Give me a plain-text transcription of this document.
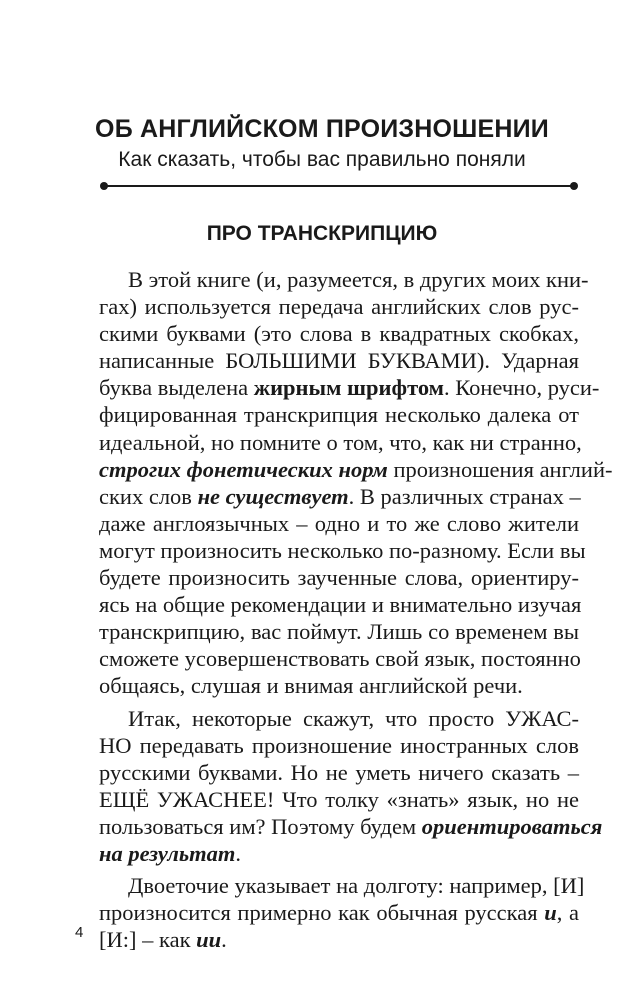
ОБ АНГЛИЙСКОМ ПРОИЗНОШЕНИИ

Как сказать, чтобы вас правильно поняли

ПРО ТРАНСКРИПЦИЮ
В этой книге (и, разумеется, в других моих кни-
гах) используется передача английских слов рус-
скими буквами (это слова в квадратных скобках,
написанные БОЛЬШИМИ БУКВАМИ). Ударная
буква выделена жирным шрифтом. Конечно, руси-
фицированная транскрипция несколько далека от
идеальной, но помните о том, что, как ни странно,
строгих фонетических норм произношения англий-
ских слов не существует. В различных странах –
даже англоязычных – одно и то же слово жители
могут произносить несколько по-разному. Если вы
будете произносить заученные слова, ориентиру-
ясь на общие рекомендации и внимательно изучая
транскрипцию, вас поймут. Лишь со временем вы
сможете усовершенствовать свой язык, постоянно
общаясь, слушая и внимая английской речи.
Итак, некоторые скажут, что просто УЖАС-
НО передавать произношение иностранных слов
русскими буквами. Но не уметь ничего сказать –
ЕЩЁ УЖАСНЕЕ! Что толку «знать» язык, но не
пользоваться им? Поэтому будем ориентироваться
на результат.
Двоеточие указывает на долготу: например, [И]
произносится примерно как обычная русская и, а
[И:] – как ии.
4
